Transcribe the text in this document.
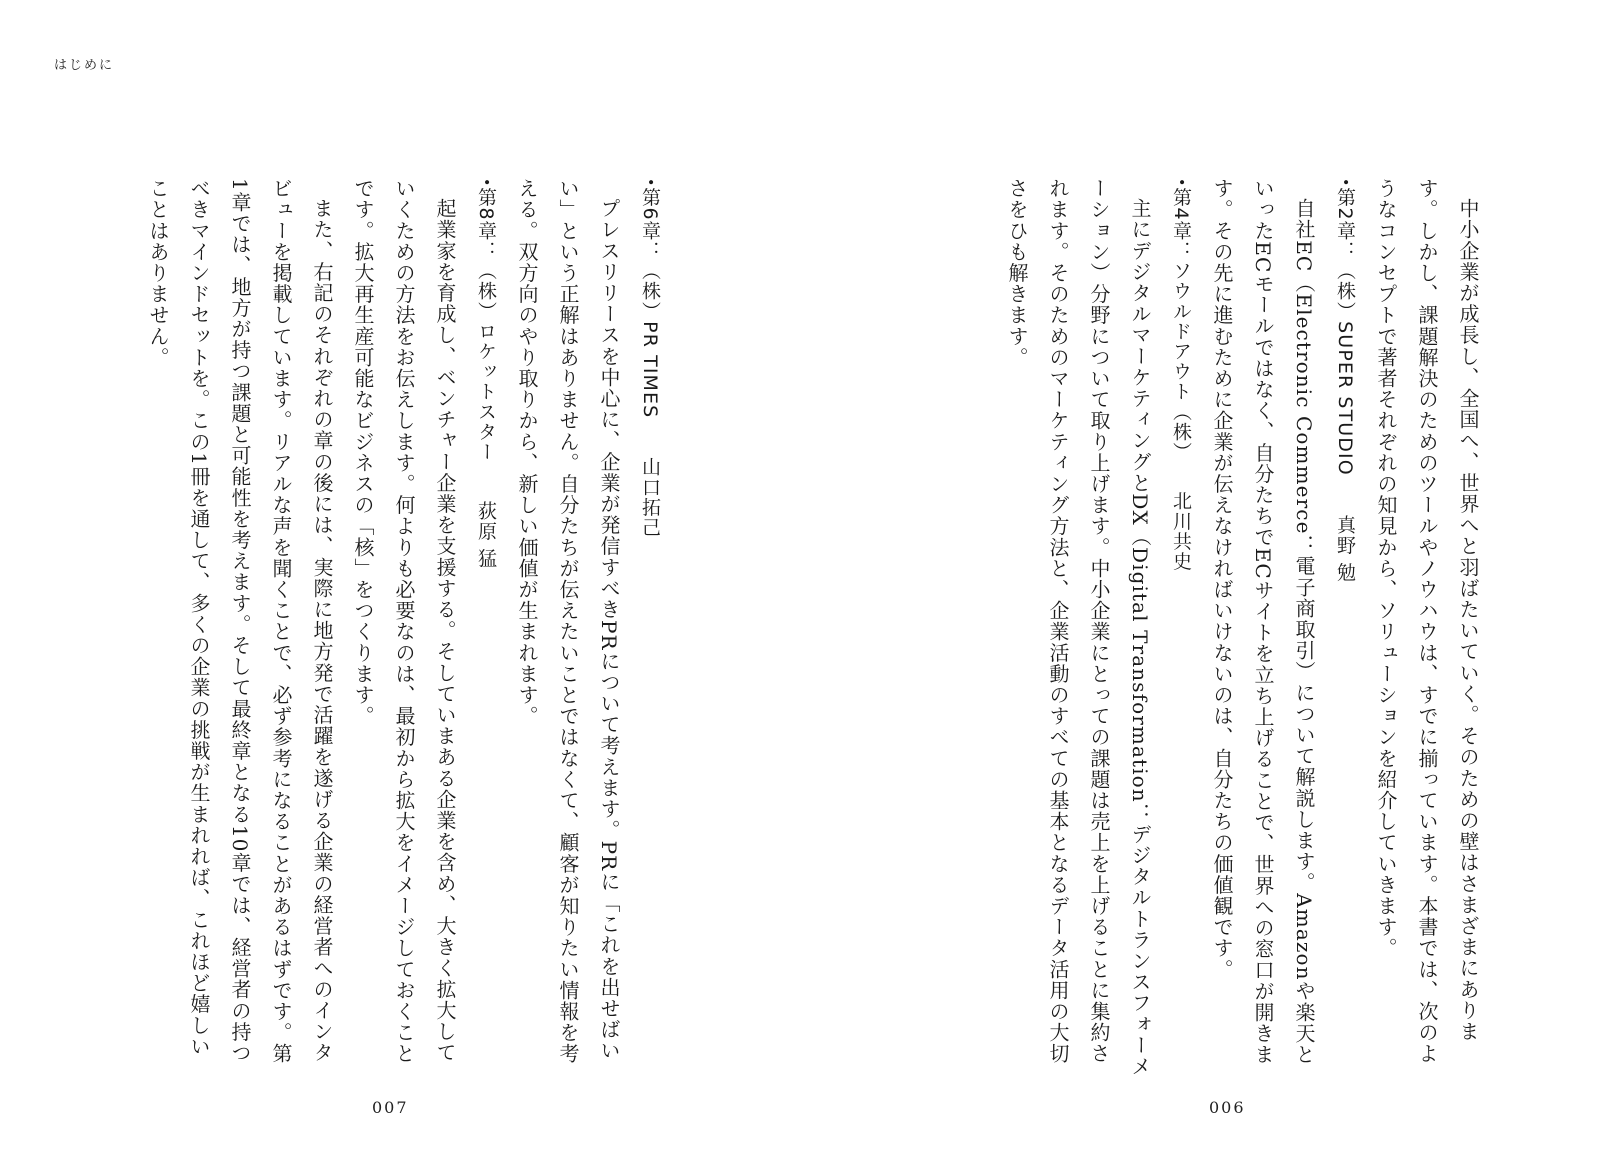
はじめに

中小企業が成長し、全国へ、世界へと羽ばたいていく。そのための壁はさまざまにあります。しかし、課題解決のためのツールやノウハウは、すでに揃っています。本書では、次のようなコンセプトで著者それぞれの知見から、ソリューションを紹介していきます。

•第2章：（株）SUPER STUDIO　真野 勉

自社EC（Electronic Commerce：電子商取引）について解説します。Amazonや楽天といったECモールではなく、自分たちでECサイトを立ち上げることで、世界への窓口が開きます。その先に進むために企業が伝えなければいけないのは、自分たちの価値観です。

•第4章：ソウルドアウト（株）　北川共史

主にデジタルマーケティングとDX（Digital Transformation：デジタルトランスフォーメーション）分野について取り上げます。中小企業にとっての課題は売上を上げることに集約されます。そのためのマーケティング方法と、企業活動のすべての基本となるデータ活用の大切さをひも解きます。

•第6章：（株）PR TIMES　山口拓己

プレスリリースを中心に、企業が発信すべきPRについて考えます。PRに「これを出せばいい」という正解はありません。自分たちが伝えたいことではなくて、顧客が知りたい情報を考える。双方向のやり取りから、新しい価値が生まれます。

•第8章：（株）ロケットスター　荻原 猛

起業家を育成し、ベンチャー企業を支援する。そしていまある企業を含め、大きく拡大していくための方法をお伝えします。何よりも必要なのは、最初から拡大をイメージしておくことです。拡大再生産可能なビジネスの「核」をつくります。

また、右記のそれぞれの章の後には、実際に地方発で活躍を遂げる企業の経営者へのインタビューを掲載しています。リアルな声を聞くことで、必ず参考になることがあるはずです。第1章では、地方が持つ課題と可能性を考えます。そして最終章となる10章では、経営者の持つべきマインドセットを。この1冊を通して、多くの企業の挑戦が生まれれば、これほど嬉しいことはありません。

007	006
